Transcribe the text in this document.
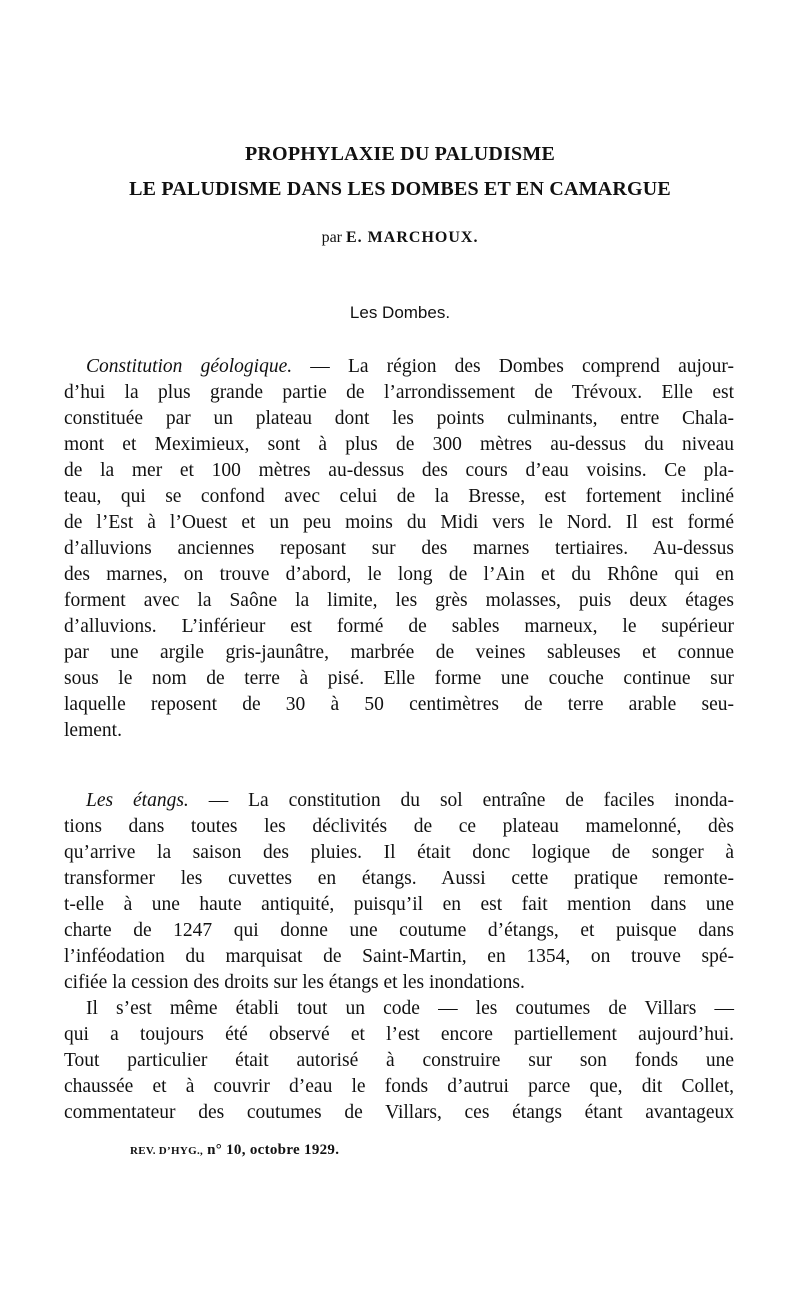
PROPHYLAXIE DU PALUDISME
LE PALUDISME DANS LES DOMBES ET EN CAMARGUE
par E. MARCHOUX.
Les Dombes.
Constitution géologique. — La région des Dombes comprend aujour-
d’hui la plus grande partie de l’arrondissement de Trévoux. Elle est
constituée par un plateau dont les points culminants, entre Chala-
mont et Meximieux, sont à plus de 300 mètres au-dessus du niveau
de la mer et 100 mètres au-dessus des cours d’eau voisins. Ce pla-
teau, qui se confond avec celui de la Bresse, est fortement incliné
de l’Est à l’Ouest et un peu moins du Midi vers le Nord. Il est formé
d’alluvions anciennes reposant sur des marnes tertiaires. Au-dessus
des marnes, on trouve d’abord, le long de l’Ain et du Rhône qui en
forment avec la Saône la limite, les grès molasses, puis deux étages
d’alluvions. L’inférieur est formé de sables marneux, le supérieur
par une argile gris-jaunâtre, marbrée de veines sableuses et connue
sous le nom de terre à pisé. Elle forme une couche continue sur
laquelle reposent de 30 à 50 centimètres de terre arable seu-
lement.
Les étangs. — La constitution du sol entraîne de faciles inonda-
tions dans toutes les déclivités de ce plateau mamelonné, dès
qu’arrive la saison des pluies. Il était donc logique de songer à
transformer les cuvettes en étangs. Aussi cette pratique remonte-
t-elle à une haute antiquité, puisqu’il en est fait mention dans une
charte de 1247 qui donne une coutume d’étangs, et puisque dans
l’inféodation du marquisat de Saint-Martin, en 1354, on trouve spé-
cifiée la cession des droits sur les étangs et les inondations.
Il s’est même établi tout un code — les coutumes de Villars —
qui a toujours été observé et l’est encore partiellement aujourd’hui.
Tout particulier était autorisé à construire sur son fonds une
chaussée et à couvrir d’eau le fonds d’autrui parce que, dit Collet,
commentateur des coutumes de Villars, ces étangs étant avantageux
REV. D’HYG., n° 10, octobre 1929.
